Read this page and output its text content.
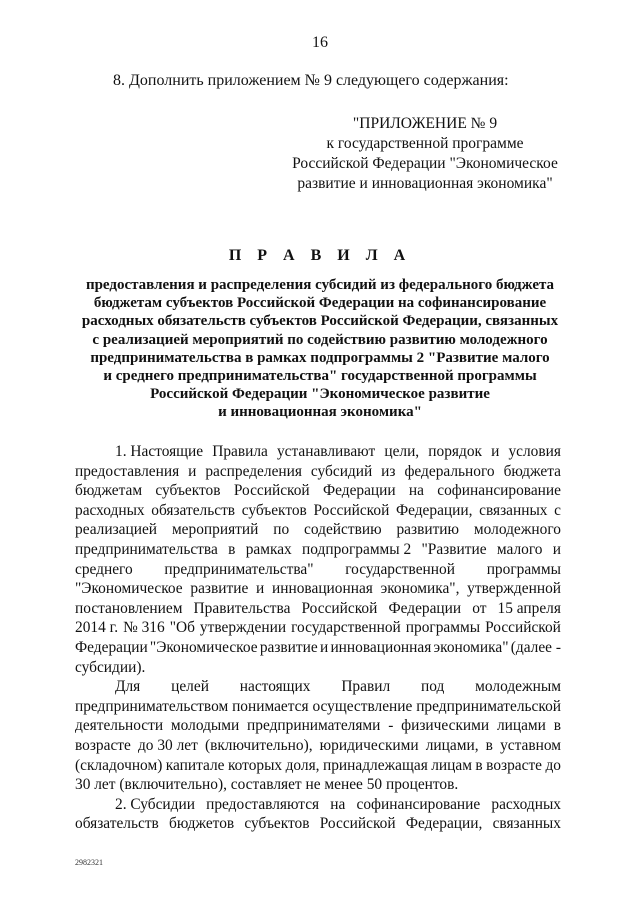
16
8. Дополнить приложением № 9 следующего содержания:
"ПРИЛОЖЕНИЕ № 9
к государственной программе
Российской Федерации "Экономическое
развитие и инновационная экономика"
П Р А В И Л А
предоставления и распределения субсидий из федерального бюджета
бюджетам субъектов Российской Федерации на софинансирование
расходных обязательств субъектов Российской Федерации, связанных
с реализацией мероприятий по содействию развитию молодежного
предпринимательства в рамках подпрограммы 2 "Развитие малого
и среднего предпринимательства" государственной программы
Российской Федерации "Экономическое развитие
и инновационная экономика"
1. Настоящие Правила устанавливают цели, порядок и условия
предоставления и распределения субсидий из федерального бюджета
бюджетам субъектов Российской Федерации на софинансирование
расходных обязательств субъектов Российской Федерации, связанных с
реализацией мероприятий по содействию развитию молодежного
предпринимательства в рамках подпрограммы 2 "Развитие малого и
среднего предпринимательства" государственной программы
"Экономическое развитие и инновационная экономика", утвержденной
постановлением Правительства Российской Федерации от 15 апреля
2014 г. № 316 "Об утверждении государственной программы Российской
Федерации "Экономическое развитие и инновационная экономика" (далее -
субсидии).
Для целей настоящих Правил под молодежным
предпринимательством понимается осуществление предпринимательской
деятельности молодыми предпринимателями - физическими лицами в
возрасте до 30 лет (включительно), юридическими лицами, в уставном
(складочном) капитале которых доля, принадлежащая лицам в возрасте до
30 лет (включительно), составляет не менее 50 процентов.
2. Субсидии предоставляются на софинансирование расходных
обязательств бюджетов субъектов Российской Федерации, связанных
2982321
